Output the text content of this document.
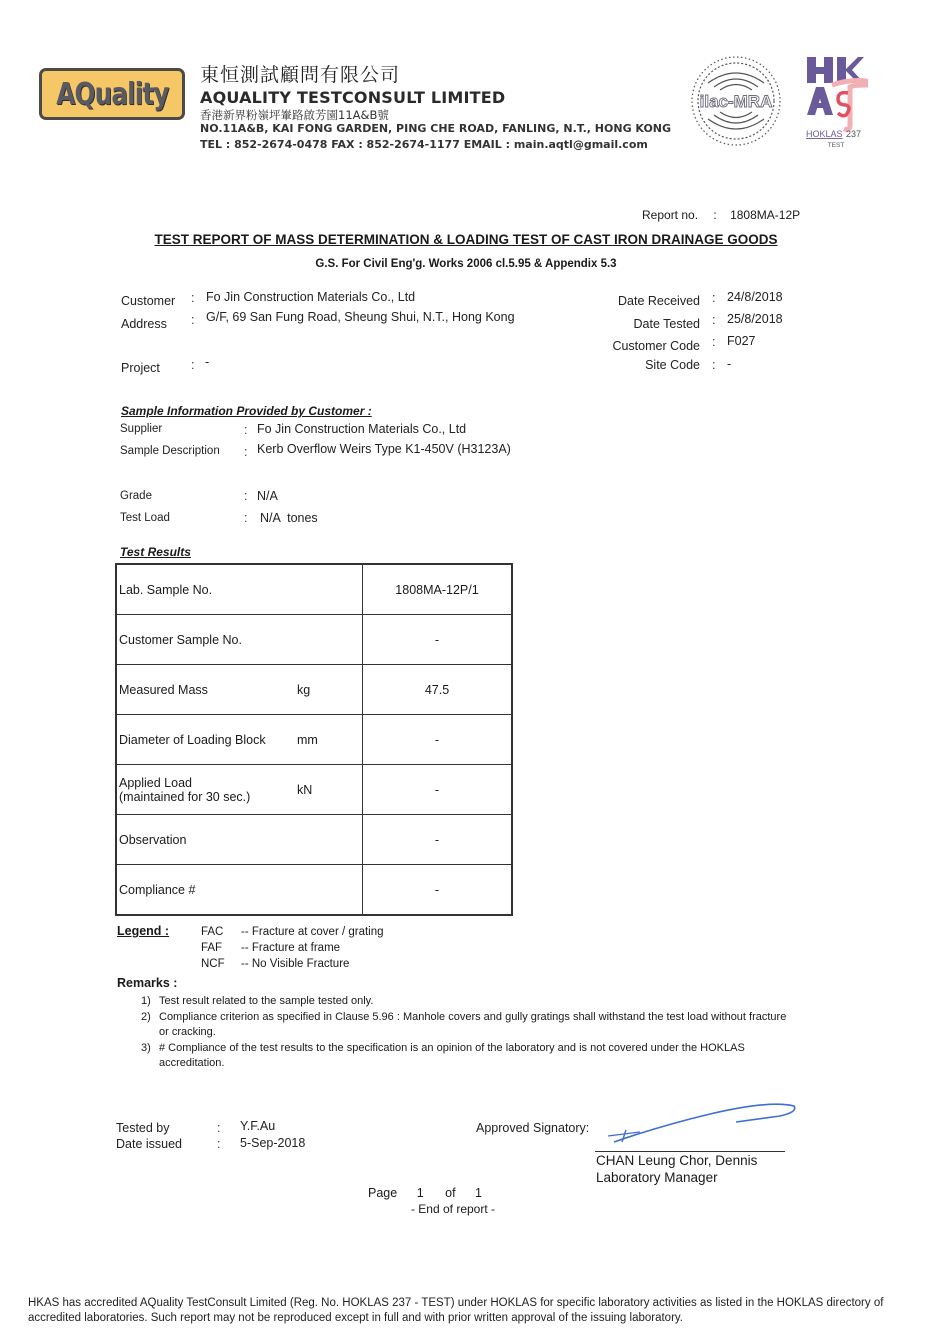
AQuality
東恒測試顧問有限公司
AQUALITY TESTCONSULT LIMITED
香港新界粉嶺坪輋路啟芳園11A&B號
NO.11A&B, KAI FONG GARDEN, PING CHE ROAD, FANLING, N.T., HONG KONG
TEL : 852-2674-0478 FAX : 852-2674-1177 EMAIL : main.aqtl@gmail.com
ilac-MRA
HOKLAS 237
TEST
Report no. : 1808MA-12P
TEST REPORT OF MASS DETERMINATION & LOADING TEST OF CAST IRON DRAINAGE GOODS
G.S. For Civil Eng'g. Works 2006 cl.5.95 & Appendix 5.3
Customer : Fo Jin Construction Materials Co., Ltd
Address : G/F, 69 San Fung Road, Sheung Shui, N.T., Hong Kong
Project : -
Date Received : 24/8/2018
Date Tested : 25/8/2018
Customer Code : F027
Site Code : -
Sample Information Provided by Customer :
Supplier	: Fo Jin Construction Materials Co., Ltd
Sample Description : Kerb Overflow Weirs Type K1-450V (H3123A)
Grade	: N/A
Test Load	: N/A  tones
Test Results
Lab. Sample No.	1808MA-12P/1

Customer Sample No.	-

Measured Mass kg	47.5

Diameter of Loading Block mm	-

Applied Load
(maintained for 30 sec.) kN	-

Observation	-

Compliance #	-
Legend :	FAC -- Fracture at cover / grating
FAF -- Fracture at frame
NCF -- No Visible Fracture
Remarks :
1) Test result related to the sample tested only.
2) Compliance criterion as specified in Clause 5.96 : Manhole covers and gully gratings shall withstand the test load without fracture or cracking.
3) # Compliance of the test results to the specification is an opinion of the laboratory and is not covered under the HOKLAS accreditation.
Tested by	: Y.F.Au
Date issued	: 5-Sep-2018
Approved Signatory:
CHAN Leung Chor, Dennis
Laboratory Manager
Page 1 of 1
- End of report -
HKAS has accredited AQuality TestConsult Limited (Reg. No. HOKLAS 237 - TEST) under HOKLAS for specific laboratory activities as listed in the HOKLAS directory of accredited laboratories. Such report may not be reproduced except in full and with prior written approval of the issuing laboratory.
